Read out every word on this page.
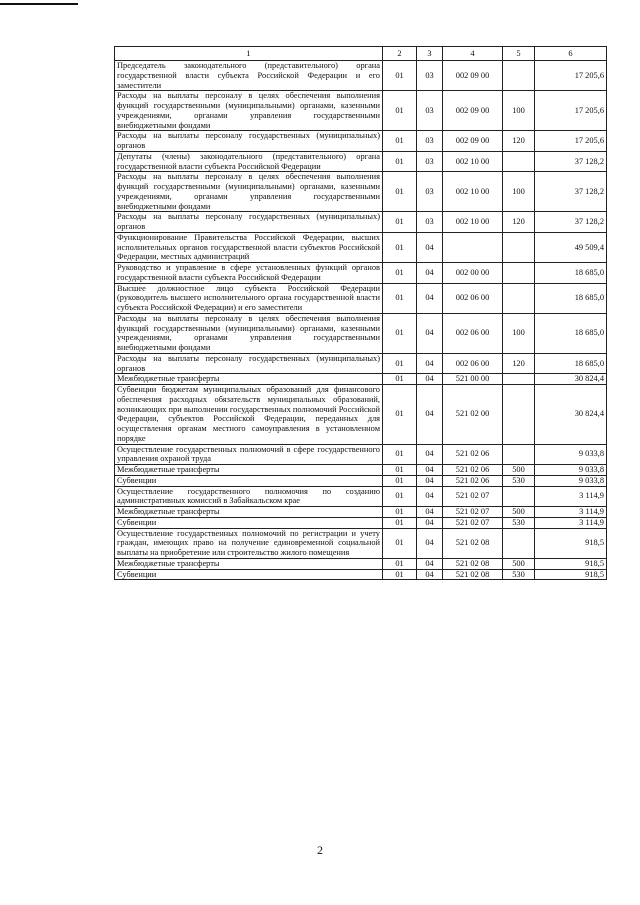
1	2	3	4	5	6
Председатель законодательного (представительного) органа государственной власти субъекта Российской Федерации и его заместители	01	03	002 09 00		17 205,6
Расходы на выплаты персоналу в целях обеспечения выполнения функций государственными (муниципальными) органами, казенными учреждениями, органами управления государственными внебюджетными фондами	01	03	002 09 00	100	17 205,6
Расходы на выплаты персоналу государственных (муниципальных) органов	01	03	002 09 00	120	17 205,6
Депутаты (члены) законодательного (представительного) органа государственной власти субъекта Российской Федерации	01	03	002 10 00		37 128,2
Расходы на выплаты персоналу в целях обеспечения выполнения функций государственными (муниципальными) органами, казенными учреждениями, органами управления государственными внебюджетными фондами	01	03	002 10 00	100	37 128,2
Расходы на выплаты персоналу государственных (муниципальных) органов	01	03	002 10 00	120	37 128,2
Функционирование Правительства Российской Федерации, высших исполнительных органов государственной власти субъектов Российской Федерации, местных администраций	01	04			49 509,4
Руководство и управление в сфере установленных функций органов государственной власти субъекта Российской Федерации	01	04	002 00 00		18 685,0
Высшее должностное лицо субъекта Российской Федерации (руководитель высшего исполнительного органа государственной власти субъекта Российской Федерации) и его заместители	01	04	002 06 00		18 685,0
Расходы на выплаты персоналу в целях обеспечения выполнения функций государственными (муниципальными) органами, казенными учреждениями, органами управления государственными внебюджетными фондами	01	04	002 06 00	100	18 685,0
Расходы на выплаты персоналу государственных (муниципальных) органов	01	04	002 06 00	120	18 685,0
Межбюджетные трансферты	01	04	521 00 00		30 824,4
Субвенции бюджетам муниципальных образований для финансового обеспечения расходных обязательств муниципальных образований, возникающих при выполнении государственных полномочий Российской Федерации, субъектов Российской Федерации, переданных для осуществления органам местного самоуправления в установленном порядке	01	04	521 02 00		30 824,4
Осуществление государственных полномочий в сфере государственного управления охраной труда	01	04	521 02 06		9 033,8
Межбюджетные трансферты	01	04	521 02 06	500	9 033,8
Субвенции	01	04	521 02 06	530	9 033,8
Осуществление государственного полномочия по созданию административных комиссий в Забайкальском крае	01	04	521 02 07		3 114,9
Межбюджетные трансферты	01	04	521 02 07	500	3 114,9
Субвенции	01	04	521 02 07	530	3 114,9
Осуществление государственных полномочий по регистрации и учету граждан, имеющих право на получение единовременной социальной выплаты на приобретение или строительство жилого помещения	01	04	521 02 08		918,5
Межбюджетные трансферты	01	04	521 02 08	500	918,5
Субвенции	01	04	521 02 08	530	918,5
2
